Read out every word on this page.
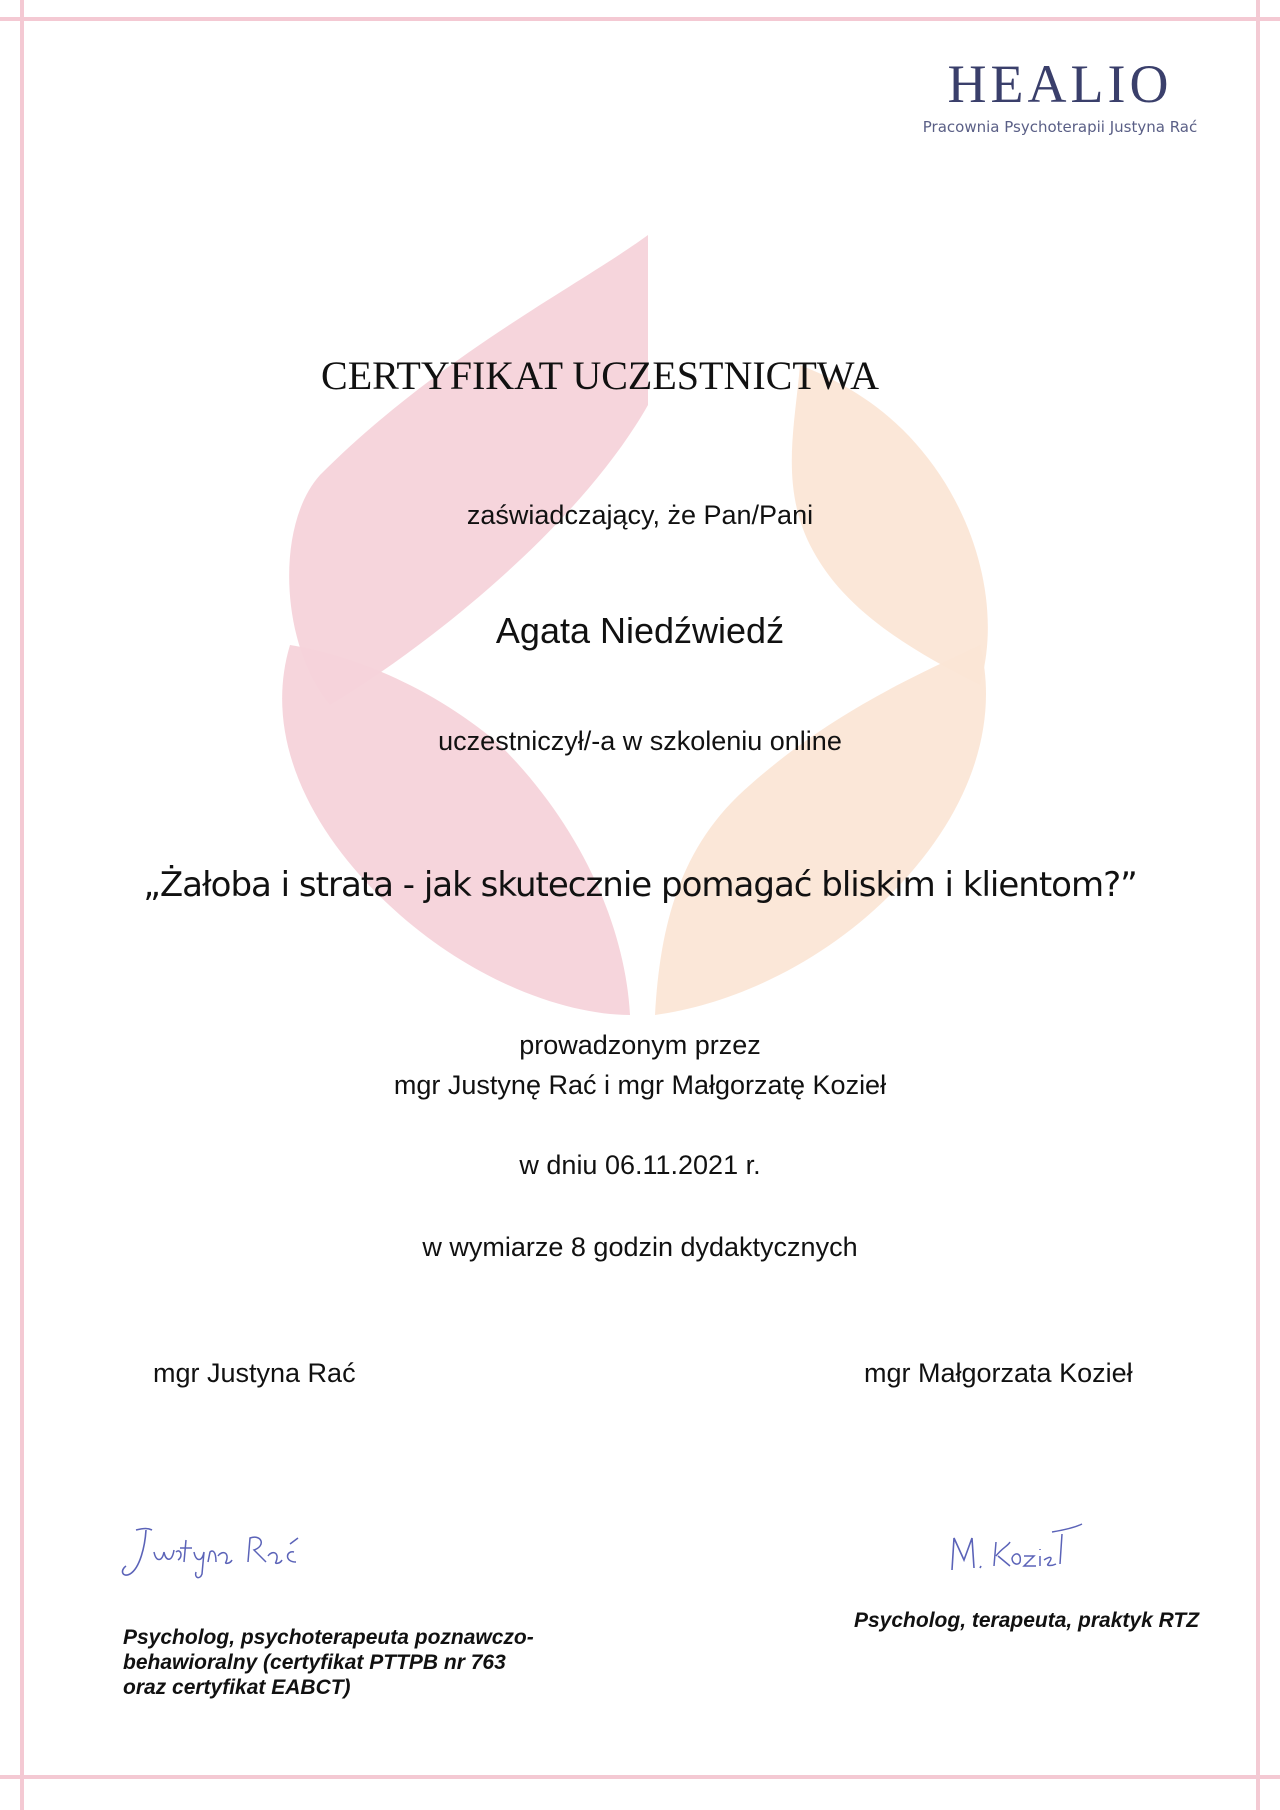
HEALIO
Pracownia Psychoterapii Justyna Rać
CERTYFIKAT UCZESTNICTWA
zaświadczający, że Pan/Pani
Agata Niedźwiedź
uczestniczył/-a w szkoleniu online
„Żałoba i strata - jak skutecznie pomagać bliskim i klientom?”
prowadzonym przez
mgr Justynę Rać i mgr Małgorzatę Kozieł
w dniu 06.11.2021 r.
w wymiarze 8 godzin dydaktycznych
mgr Justyna Rać	mgr Małgorzata Kozieł
Psycholog, psychoterapeuta poznawczo-behawioralny (certyfikat PTTPB nr 763 oraz certyfikat EABCT)
Psycholog, terapeuta, praktyk RTZ
